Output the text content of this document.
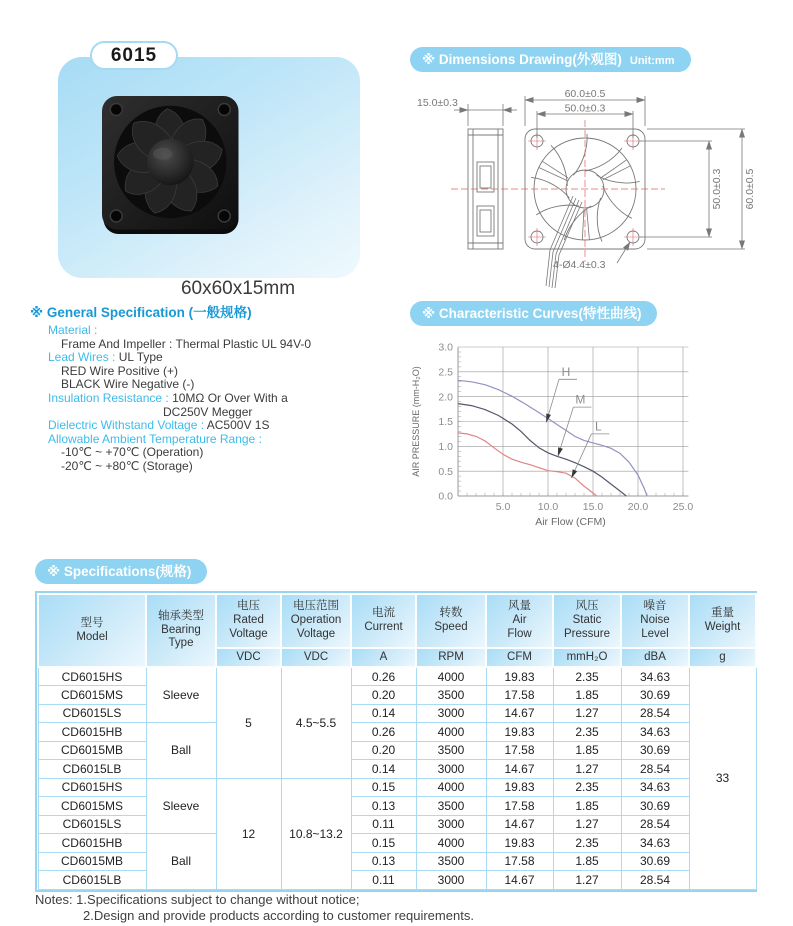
6015
60x60x15mm
※ Dimensions Drawing(外观图) Unit:mm
15.0±0.3
60.0±0.5
50.0±0.3
50.0±0.3 60.0±0.5
4-Ø4.4±0.3
※ General Specification (一般规格)
Material :
Frame And Impeller : Thermal Plastic UL 94V-0
Lead Wires : UL Type
RED Wire Positive (+)
BLACK Wire Negative (-)
Insulation Resistance : 10MΩ Or Over With a
DC250V Megger
Dielectric Withstand Voltage : AC500V 1S
Allowable Ambient Temperature Range :
-10℃ ~ +70℃ (Operation)
-20℃ ~ +80℃ (Storage)
※ Characteristic Curves(特性曲线)
0.0
0.5
1.0
1.5
2.0
2.5
3.0
5.0	10.0 15.0 20.0 25.0
AIR PRESSURE (mm-H₂O)
Air Flow (CFM)
H
M
L
※ Specifications(规格)
型号
Model

轴承类型
Bearing
Type

电压
Rated
Voltage

电压范围
Operation
Voltage

电流
Current

转数
Speed

风量
Air
Flow

风压
Static
Pressure

噪音
Noise
Level

重量
Weight

		VDC	VDC	A	RPM	CFM	mmH₂O	dBA	g
CD6015HS	Sleeve	5	4.5~5.5	0.26	4000	19.83	2.35	34.63	33
CD6015MS				0.20	3500	17.58	1.85	30.69	
CD6015LS				0.14	3000	14.67	1.27	28.54	
CD6015HB	Ball			0.26	4000	19.83	2.35	34.63	
CD6015MB				0.20	3500	17.58	1.85	30.69	
CD6015LB				0.14	3000	14.67	1.27	28.54	
CD6015HS	Sleeve	12	10.8~13.2	0.15	4000	19.83	2.35	34.63	
CD6015MS				0.13	3500	17.58	1.85	30.69	
CD6015LS				0.11	3000	14.67	1.27	28.54	
CD6015HB	Ball			0.15	4000	19.83	2.35	34.63	
CD6015MB				0.13	3500	17.58	1.85	30.69	
CD6015LB				0.11	3000	14.67	1.27	28.54	
Notes: 1.Specifications subject to change without notice;
2.Design and provide products according to customer requirements.
